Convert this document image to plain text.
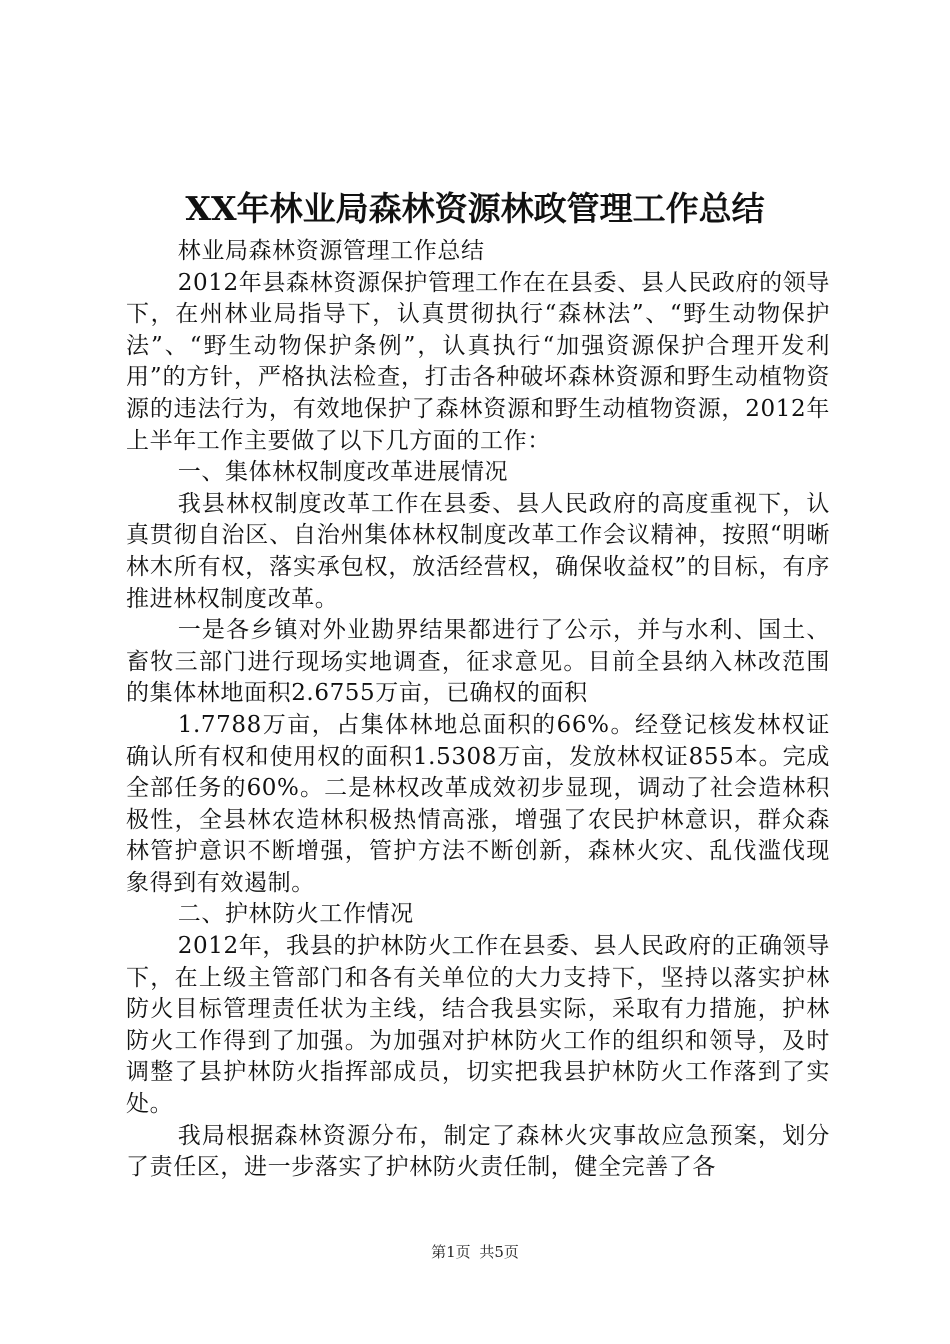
XX年林业局森林资源林政管理工作总结

林业局森林资源管理工作总结

2012年县森林资源保护管理工作在在县委、县人民政府的领导下，在州林业局指导下，认真贯彻执行“森林法”、“野生动物保护法”、“野生动物保护条例”，认真执行“加强资源保护合理开发利用”的方针，严格执法检查，打击各种破坏森林资源和野生动植物资源的违法行为，有效地保护了森林资源和野生动植物资源，2012年上半年工作主要做了以下几方面的工作：

一、集体林权制度改革进展情况

我县林权制度改革工作在县委、县人民政府的高度重视下，认真贯彻自治区、自治州集体林权制度改革工作会议精神，按照“明晰林木所有权，落实承包权，放活经营权，确保收益权”的目标，有序推进林权制度改革。

一是各乡镇对外业勘界结果都进行了公示，并与水利、国土、畜牧三部门进行现场实地调查，征求意见。目前全县纳入林改范围的集体林地面积2.6755万亩，已确权的面积

1.7788万亩，占集体林地总面积的66%。经登记核发林权证确认所有权和使用权的面积1.5308万亩，发放林权证855本。完成全部任务的60%。二是林权改革成效初步显现，调动了社会造林积极性，全县林农造林积极热情高涨，增强了农民护林意识，群众森林管护意识不断增强，管护方法不断创新，森林火灾、乱伐滥伐现象得到有效遏制。

二、护林防火工作情况

2012年，我县的护林防火工作在县委、县人民政府的正确领导下，在上级主管部门和各有关单位的大力支持下，坚持以落实护林防火目标管理责任状为主线，结合我县实际，采取有力措施，护林防火工作得到了加强。为加强对护林防火工作的组织和领导，及时调整了县护林防火指挥部成员，切实把我县护林防火工作落到了实处。

我局根据森林资源分布，制定了森林火灾事故应急预案，划分了责任区，进一步落实了护林防火责任制，健全完善了各

第1页 共5页
